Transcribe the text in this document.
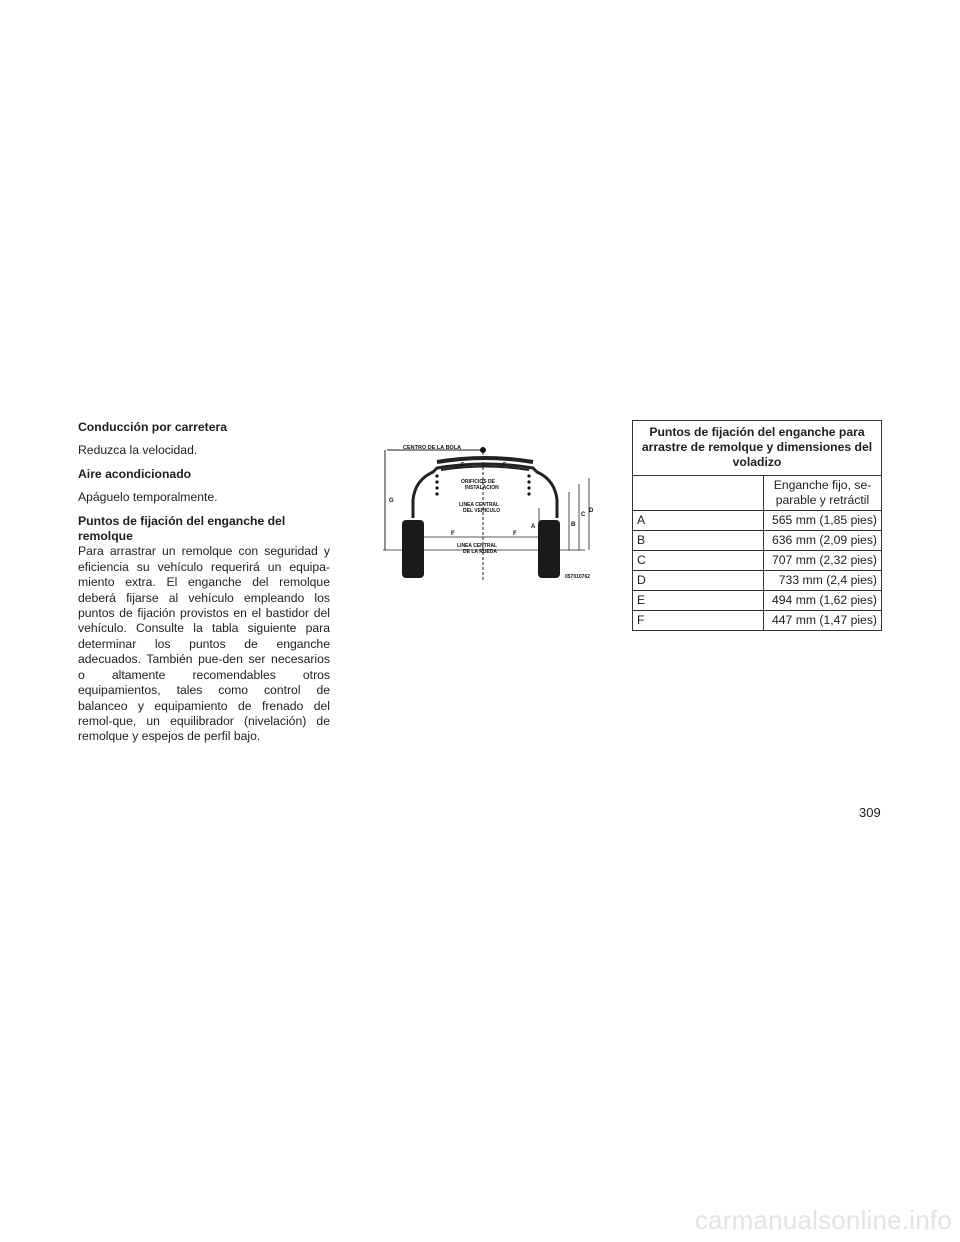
Conducción por carretera

Reduzca la velocidad.

Aire acondicionado

Apáguelo temporalmente.

Puntos de fijación del enganche del
remolque

Para arrastrar un remolque con seguridad y eficiencia su vehículo requerirá un equipa-miento extra. El enganche del remolque deberá fijarse al vehículo empleando los puntos de fijación provistos en el bastidor del vehículo. Consulte la tabla siguiente para determinar los puntos de enganche adecuados. También pue-den ser necesarios o altamente recomendables otros equipamientos, tales como control de balanceo y equipamiento de frenado del remol-que, un equilibrador (nivelación) de remolque y espejos de perfil bajo.

G
E	E
F	F
A	B
C
D
CENTRO DE LA BOLA
ORIFICIOS DE
INSTALACION
LINEA CENTRAL
DEL VEHICULO
LINEA CENTRAL
DE LA RUEDA
057010762
Puntos de fijación del enganche para arrastre de remolque y dimensiones del voladizo	
	Enganche fijo, se-parable y retráctil
A	565 mm (1,85 pies)
B	636 mm (2,09 pies)
C	707 mm (2,32 pies)
D	733 mm (2,4 pies)
E	494 mm (1,62 pies)
F	447 mm (1,47 pies)
309
carmanualsonline.info
